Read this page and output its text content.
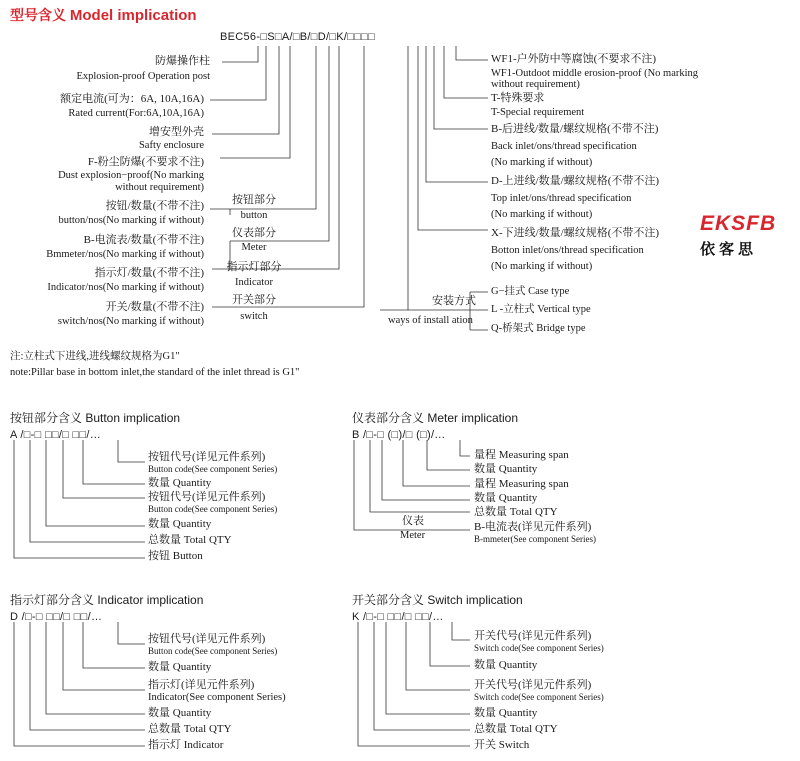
型号含义 Model implication
BEC56-□S□A/□B/□D/□K/□□□□
防爆操作柱
Explosion-proof Operation post
额定电流(可为：6A, 10A,16A)
Rated current(For:6A,10A,16A)
增安型外壳
Safty enclosure
F-粉尘防爆(不要求不注)
Dust explosion−proof(No marking
without requirement)
按钮/数量(不带不注)
button/nos(No marking if without)
B-电流表/数量(不带不注)
Bmmeter/nos(No marking if without)
指示灯/数量(不带不注)
Indicator/nos(No marking if without)
开关/数量(不带不注)
switch/nos(No marking if without)
按钮部分
button
仪表部分
Meter
指示灯部分
Indicator
开关部分
switch
安装方式
ways of install ation
G−挂式 Case type
L -立柱式 Vertical type
Q-桥架式 Bridge type
WF1-户外防中等腐蚀(不要求不注)
WF1-Outdoot middle erosion-proof (No marking
without requirement)
T-特殊要求
T-Special requirement
B-后进线/数量/螺纹规格(不带不注)
Back inlet/ons/thread specification
(No marking if without)
D-上进线/数量/螺纹规格(不带不注)
Top inlet/ons/thread specification
(No marking if without)
X-下进线/数量/螺纹规格(不带不注)
Botton inlet/ons/thread specification
(No marking if without)
EKSFB
依客思
注:立柱式下进线,进线螺纹规格为G1"
note:Pillar base in bottom inlet,the standard of the inlet thread is G1"
按钮部分含义 Button implication
A /□-□ □□/□ □□/…
按钮代号(详见元件系列)
Button code(See component Series)
数量 Quantity
按钮代号(详见元件系列)
Button code(See component Series)
数量 Quantity
总数量 Total QTY
按钮 Button
仪表部分含义 Meter implication
B /□-□ (□)/□ (□)/…
量程 Measuring span
数量 Quantity
量程 Measuring span
数量 Quantity
总数量 Total QTY
B-电流表(详见元件系列)
B-mmeter(See component Series)
仪表
Meter
指示灯部分含义 Indicator implication
D /□-□ □□/□ □□/…
按钮代号(详见元件系列)
Button code(See component Series)
数量 Quantity
指示灯(详见元件系列)
Indicator(See component Series)
数量 Quantity
总数量 Total QTY
指示灯 Indicator
开关部分含义 Switch implication
K /□-□ □□/□ □□/…
开关代号(详见元件系列)
Switch code(See component Series)
数量 Quantity
开关代号(详见元件系列)
Switch code(See component Series)
数量 Quantity
总数量 Total QTY
开关 Switch
